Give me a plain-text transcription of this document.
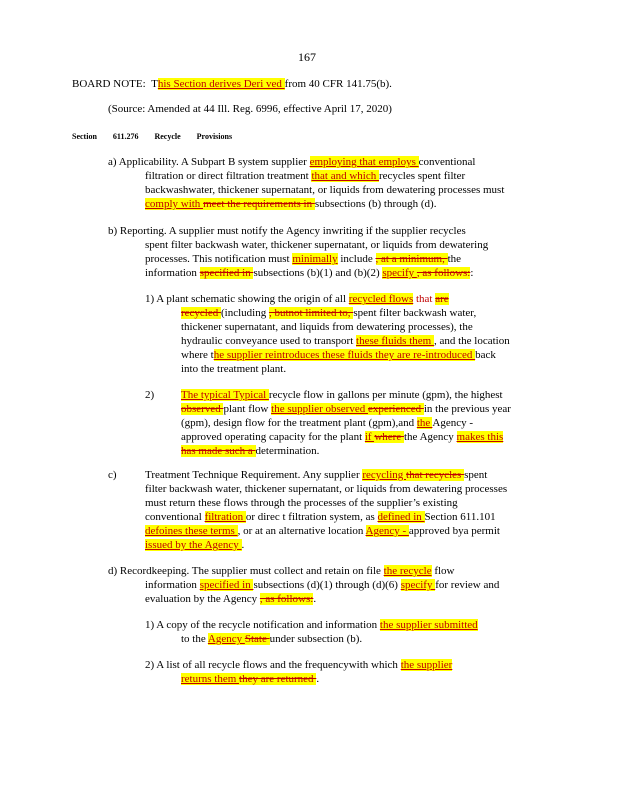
167
BOARD NOTE: This Section derives Deri ved from 40 CFR 141.75(b).
(Source: Amended at 44 Ill. Reg. 6996, effective April 17, 2020)
Section 611.276 Recycle Provisions
a) Applicability. A Subpart B system supplier employing that employs conventional
filtration or direct filtration treatment that and which recycles spent filter
backwashwater, thickener supernatant, or liquids from dewatering processes must
comply with meet the requirements in subsections (b) through (d).
b) Reporting. A supplier must notify the Agency inwriting if the supplier recycles
spent filter backwash water, thickener supernatant, or liquids from dewatering
processes. This notification must minimally include , at a minimum, the
information specified in subsections (b)(1) and (b)(2) specify , as follows::
1) A plant schematic showing the origin of all recycled flows that are
recycled (including , butnot limited to, spent filter backwash water,
thickener supernatant, and liquids from dewatering processes), the
hydraulic conveyance used to transport these fluids them , and the location
where the supplier reintroduces these fluids they are re-introduced back
into the treatment plant.
2) The typical Typical recycle flow in gallons per minute (gpm), the highest
observed plant flow the supplier observed experienced in the previous year
(gpm), design flow for the treatment plant (gpm),and the Agency -
approved operating capacity for the plant if where the Agency makes this
has made such a determination.
c)	Treatment Technique Requirement. Any supplier recycling that recycles spent
filter backwash water, thickener supernatant, or liquids from dewatering processes
must return these flows through the processes of the supplier’s existing
conventional filtration or direc t filtration system, as defined in Section 611.101
defoines these terms , or at an alternative location Agency - approved bya permit
issued by the Agency .
d) Recordkeeping. The supplier must collect and retain on file the recycle flow
information specified in subsections (d)(1) through (d)(6) specify for review and
evaluation by the Agency , as follows:.
1) A copy of the recycle notification and information the supplier submitted
to the Agency State under subsection (b).
2) A list of all recycle flows and the frequencywith which the supplier
returns them they are returned .
